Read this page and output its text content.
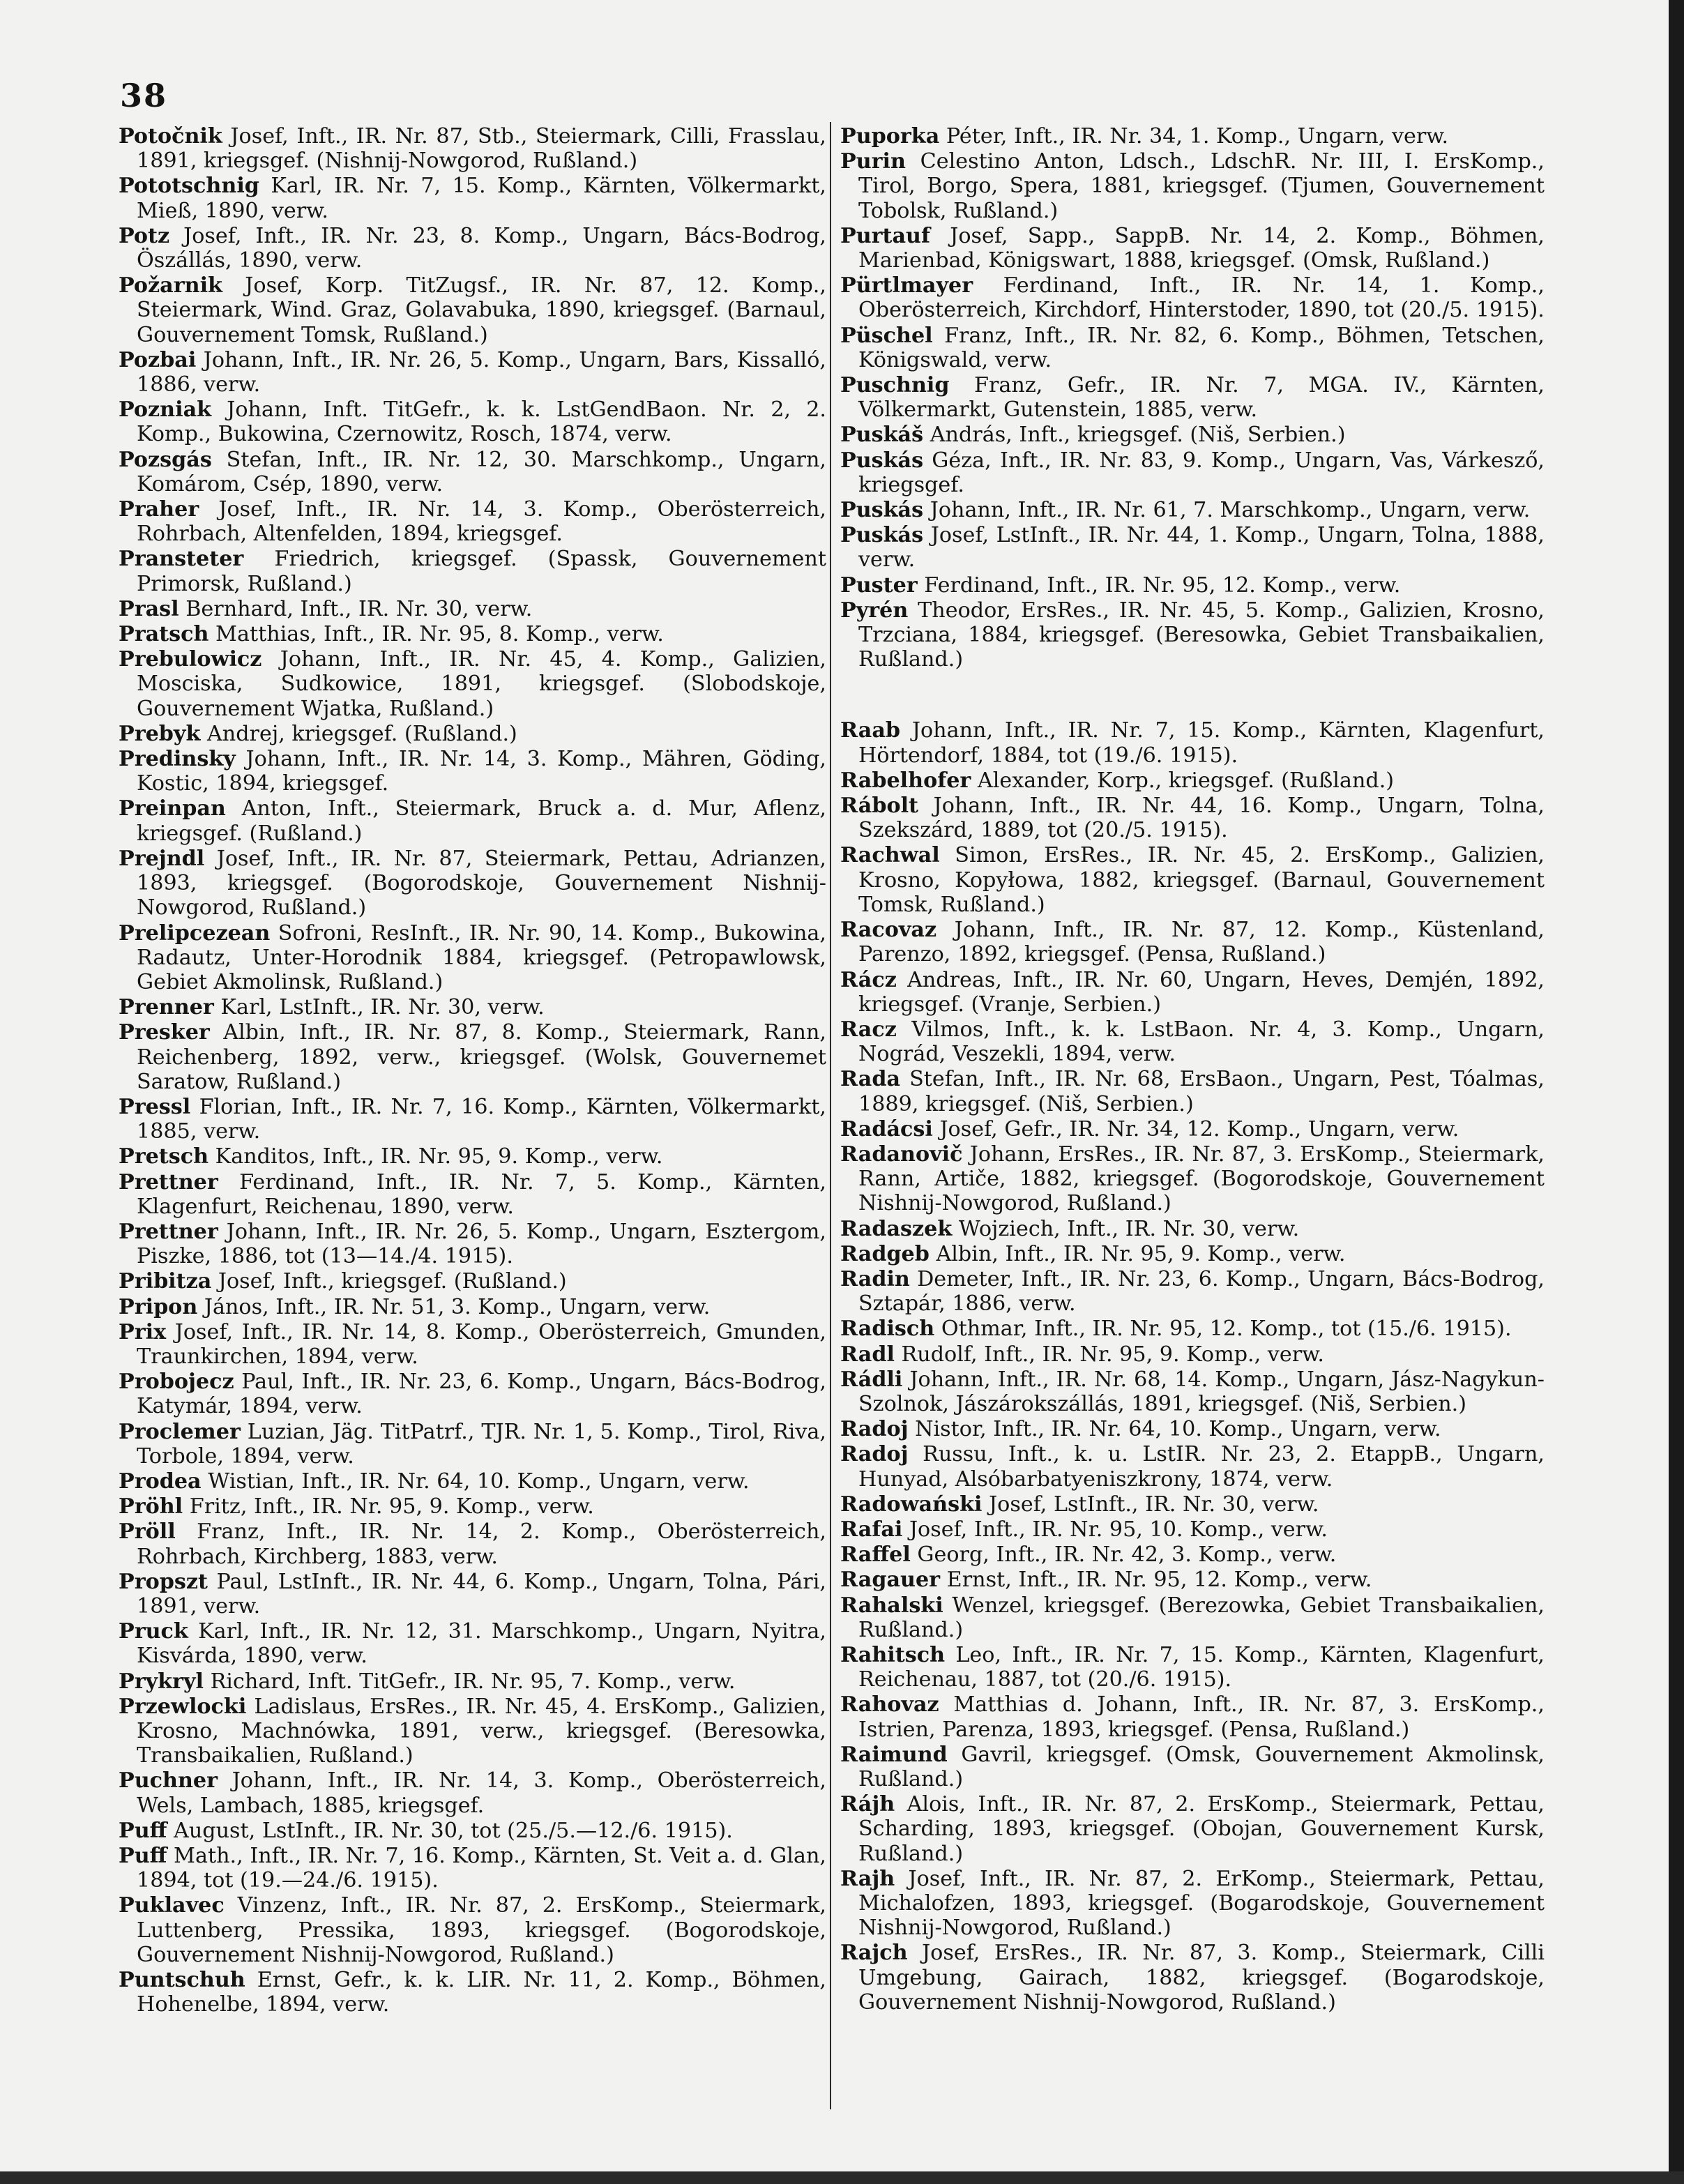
38

Potočnik Josef, Inft., IR. Nr. 87, Stb., Steiermark, Cilli, Frasslau, 1891, kriegsgef. (Nishnij-Nowgorod, Rußland.)

Pototschnig Karl, IR. Nr. 7, 15. Komp., Kärnten, Völkermarkt, Mieß, 1890, verw.

Potz Josef, Inft., IR. Nr. 23, 8. Komp., Ungarn, Bács-Bodrog, Öszállás, 1890, verw.

Požarnik Josef, Korp. TitZugsf., IR. Nr. 87, 12. Komp., Steiermark, Wind. Graz, Golavabuka, 1890, kriegsgef. (Barnaul, Gouvernement Tomsk, Rußland.)

Pozbai Johann, Inft., IR. Nr. 26, 5. Komp., Ungarn, Bars, Kissalló, 1886, verw.

Pozniak Johann, Inft. TitGefr., k. k. LstGendBaon. Nr. 2, 2. Komp., Bukowina, Czernowitz, Rosch, 1874, verw.

Pozsgás Stefan, Inft., IR. Nr. 12, 30. Marschkomp., Ungarn, Komárom, Csép, 1890, verw.

Praher Josef, Inft., IR. Nr. 14, 3. Komp., Oberösterreich, Rohrbach, Altenfelden, 1894, kriegsgef.

Pransteter Friedrich, kriegsgef. (Spassk, Gouvernement Primorsk, Rußland.)

Prasl Bernhard, Inft., IR. Nr. 30, verw.

Pratsch Matthias, Inft., IR. Nr. 95, 8. Komp., verw.

Prebulowicz Johann, Inft., IR. Nr. 45, 4. Komp., Galizien, Mosciska, Sudkowice, 1891, kriegsgef. (Slobodskoje, Gouvernement Wjatka, Rußland.)

Prebyk Andrej, kriegsgef. (Rußland.)

Predinsky Johann, Inft., IR. Nr. 14, 3. Komp., Mähren, Göding, Kostic, 1894, kriegsgef.

Preinpan Anton, Inft., Steiermark, Bruck a. d. Mur, Aflenz, kriegsgef. (Rußland.)

Prejndl Josef, Inft., IR. Nr. 87, Steiermark, Pettau, Adrianzen, 1893, kriegsgef. (Bogorodskoje, Gouvernement Nishnij-Nowgorod, Rußland.)

Prelipcezean Sofroni, ResInft., IR. Nr. 90, 14. Komp., Bukowina, Radautz, Unter-Horodnik 1884, kriegsgef. (Petropawlowsk, Gebiet Akmolinsk, Rußland.)

Prenner Karl, LstInft., IR. Nr. 30, verw.

Presker Albin, Inft., IR. Nr. 87, 8. Komp., Steiermark, Rann, Reichenberg, 1892, verw., kriegsgef. (Wolsk, Gouvernemet Saratow, Rußland.)

Pressl Florian, Inft., IR. Nr. 7, 16. Komp., Kärnten, Völkermarkt, 1885, verw.

Pretsch Kanditos, Inft., IR. Nr. 95, 9. Komp., verw.

Prettner Ferdinand, Inft., IR. Nr. 7, 5. Komp., Kärnten, Klagenfurt, Reichenau, 1890, verw.

Prettner Johann, Inft., IR. Nr. 26, 5. Komp., Ungarn, Esztergom, Piszke, 1886, tot (13—14./4. 1915).

Pribitza Josef, Inft., kriegsgef. (Rußland.)

Pripon János, Inft., IR. Nr. 51, 3. Komp., Ungarn, verw.

Prix Josef, Inft., IR. Nr. 14, 8. Komp., Oberösterreich, Gmunden, Traunkirchen, 1894, verw.

Probojecz Paul, Inft., IR. Nr. 23, 6. Komp., Ungarn, Bács-Bodrog, Katymár, 1894, verw.

Proclemer Luzian, Jäg. TitPatrf., TJR. Nr. 1, 5. Komp., Tirol, Riva, Torbole, 1894, verw.

Prodea Wistian, Inft., IR. Nr. 64, 10. Komp., Ungarn, verw.

Pröhl Fritz, Inft., IR. Nr. 95, 9. Komp., verw.

Pröll Franz, Inft., IR. Nr. 14, 2. Komp., Oberösterreich, Rohrbach, Kirchberg, 1883, verw.

Propszt Paul, LstInft., IR. Nr. 44, 6. Komp., Ungarn, Tolna, Pári, 1891, verw.

Pruck Karl, Inft., IR. Nr. 12, 31. Marschkomp., Ungarn, Nyitra, Kisvárda, 1890, verw.

Prykryl Richard, Inft. TitGefr., IR. Nr. 95, 7. Komp., verw.

Przewlocki Ladislaus, ErsRes., IR. Nr. 45, 4. ErsKomp., Galizien, Krosno, Machnówka, 1891, verw., kriegsgef. (Beresowka, Transbaikalien, Rußland.)

Puchner Johann, Inft., IR. Nr. 14, 3. Komp., Oberösterreich, Wels, Lambach, 1885, kriegsgef.

Puff August, LstInft., IR. Nr. 30, tot (25./5.—12./6. 1915).

Puff Math., Inft., IR. Nr. 7, 16. Komp., Kärnten, St. Veit a. d. Glan, 1894, tot (19.—24./6. 1915).

Puklavec Vinzenz, Inft., IR. Nr. 87, 2. ErsKomp., Steiermark, Luttenberg, Pressika, 1893, kriegsgef. (Bogorodskoje, Gouvernement Nishnij-Nowgorod, Rußland.)

Puntschuh Ernst, Gefr., k. k. LIR. Nr. 11, 2. Komp., Böhmen, Hohenelbe, 1894, verw.

Puporka Péter, Inft., IR. Nr. 34, 1. Komp., Ungarn, verw.

Purin Celestino Anton, Ldsch., LdschR. Nr. III, I. ErsKomp., Tirol, Borgo, Spera, 1881, kriegsgef. (Tjumen, Gouvernement Tobolsk, Rußland.)

Purtauf Josef, Sapp., SappB. Nr. 14, 2. Komp., Böhmen, Marienbad, Königswart, 1888, kriegsgef. (Omsk, Rußland.)

Pürtlmayer Ferdinand, Inft., IR. Nr. 14, 1. Komp., Oberösterreich, Kirchdorf, Hinterstoder, 1890, tot (20./5. 1915).

Püschel Franz, Inft., IR. Nr. 82, 6. Komp., Böhmen, Tetschen, Königswald, verw.

Puschnig Franz, Gefr., IR. Nr. 7, MGA. IV., Kärnten, Völkermarkt, Gutenstein, 1885, verw.

Puskáš András, Inft., kriegsgef. (Niš, Serbien.)

Puskás Géza, Inft., IR. Nr. 83, 9. Komp., Ungarn, Vas, Várkesző, kriegsgef.

Puskás Johann, Inft., IR. Nr. 61, 7. Marschkomp., Ungarn, verw.

Puskás Josef, LstInft., IR. Nr. 44, 1. Komp., Ungarn, Tolna, 1888, verw.

Puster Ferdinand, Inft., IR. Nr. 95, 12. Komp., verw.

Pyrén Theodor, ErsRes., IR. Nr. 45, 5. Komp., Galizien, Krosno, Trzciana, 1884, kriegsgef. (Beresowka, Gebiet Transbaikalien, Rußland.)

Raab Johann, Inft., IR. Nr. 7, 15. Komp., Kärnten, Klagenfurt, Hörtendorf, 1884, tot (19./6. 1915).

Rabelhofer Alexander, Korp., kriegsgef. (Rußland.)

Rábolt Johann, Inft., IR. Nr. 44, 16. Komp., Ungarn, Tolna, Szekszárd, 1889, tot (20./5. 1915).

Rachwal Simon, ErsRes., IR. Nr. 45, 2. ErsKomp., Galizien, Krosno, Kopyłowa, 1882, kriegsgef. (Barnaul, Gouvernement Tomsk, Rußland.)

Racovaz Johann, Inft., IR. Nr. 87, 12. Komp., Küstenland, Parenzo, 1892, kriegsgef. (Pensa, Rußland.)

Rácz Andreas, Inft., IR. Nr. 60, Ungarn, Heves, Demjén, 1892, kriegsgef. (Vranje, Serbien.)

Racz Vilmos, Inft., k. k. LstBaon. Nr. 4, 3. Komp., Ungarn, Nográd, Veszekli, 1894, verw.

Rada Stefan, Inft., IR. Nr. 68, ErsBaon., Ungarn, Pest, Tóalmas, 1889, kriegsgef. (Niš, Serbien.)

Radácsi Josef, Gefr., IR. Nr. 34, 12. Komp., Ungarn, verw.

Radanovič Johann, ErsRes., IR. Nr. 87, 3. ErsKomp., Steiermark, Rann, Artiče, 1882, kriegsgef. (Bogorodskoje, Gouvernement Nishnij-Nowgorod, Rußland.)

Radaszek Wojziech, Inft., IR. Nr. 30, verw.

Radgeb Albin, Inft., IR. Nr. 95, 9. Komp., verw.

Radin Demeter, Inft., IR. Nr. 23, 6. Komp., Ungarn, Bács-Bodrog, Sztapár, 1886, verw.

Radisch Othmar, Inft., IR. Nr. 95, 12. Komp., tot (15./6. 1915).

Radl Rudolf, Inft., IR. Nr. 95, 9. Komp., verw.

Rádli Johann, Inft., IR. Nr. 68, 14. Komp., Ungarn, Jász-Nagykun-Szolnok, Jászárokszállás, 1891, kriegsgef. (Niš, Serbien.)

Radoj Nistor, Inft., IR. Nr. 64, 10. Komp., Ungarn, verw.

Radoj Russu, Inft., k. u. LstIR. Nr. 23, 2. EtappB., Ungarn, Hunyad, Alsóbarbatyeniszkrony, 1874, verw.

Radowański Josef, LstInft., IR. Nr. 30, verw.

Rafai Josef, Inft., IR. Nr. 95, 10. Komp., verw.

Raffel Georg, Inft., IR. Nr. 42, 3. Komp., verw.

Ragauer Ernst, Inft., IR. Nr. 95, 12. Komp., verw.

Rahalski Wenzel, kriegsgef. (Berezowka, Gebiet Transbaikalien, Rußland.)

Rahitsch Leo, Inft., IR. Nr. 7, 15. Komp., Kärnten, Klagenfurt, Reichenau, 1887, tot (20./6. 1915).

Rahovaz Matthias d. Johann, Inft., IR. Nr. 87, 3. ErsKomp., Istrien, Parenza, 1893, kriegsgef. (Pensa, Rußland.)

Raimund Gavril, kriegsgef. (Omsk, Gouvernement Akmolinsk, Rußland.)

Rájh Alois, Inft., IR. Nr. 87, 2. ErsKomp., Steiermark, Pettau, Scharding, 1893, kriegsgef. (Obojan, Gouvernement Kursk, Rußland.)

Rajh Josef, Inft., IR. Nr. 87, 2. ErKomp., Steiermark, Pettau, Michalofzen, 1893, kriegsgef. (Bogarodskoje, Gouvernement Nishnij-Nowgorod, Rußland.)

Rajch Josef, ErsRes., IR. Nr. 87, 3. Komp., Steiermark, Cilli Umgebung, Gairach, 1882, kriegsgef. (Bogarodskoje, Gouvernement Nishnij-Nowgorod, Rußland.)
